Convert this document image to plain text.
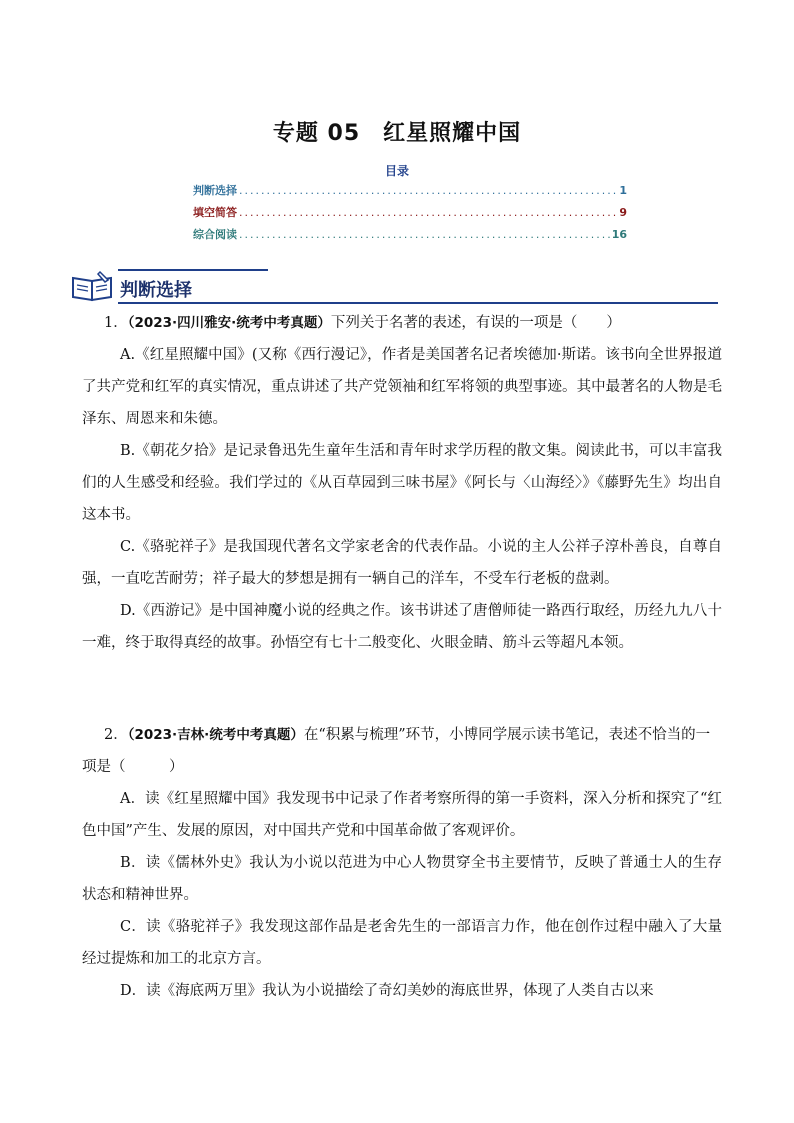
专题 05　红星照耀中国
目录
判断选择 .....	1
填空简答 .....	9
综合阅读 .....	16
判断选择

1．（2023·四川雅安·统考中考真题）下列关于名著的表述，有误的一项是（　　）

A.《红星照耀中国》(又称《西行漫记》，作者是美国著名记者埃德加·斯诺。该书向全世界报道了共产党和红军的真实情况，重点讲述了共产党领袖和红军将领的典型事迹。其中最著名的人物是毛泽东、周恩来和朱德。

B.《朝花夕拾》是记录鲁迅先生童年生活和青年时求学历程的散文集。阅读此书，可以丰富我们的人生感受和经验。我们学过的《从百草园到三味书屋》《阿长与〈山海经〉》《藤野先生》均出自这本书。

C.《骆驼祥子》是我国现代著名文学家老舍的代表作品。小说的主人公祥子淳朴善良，自尊自强，一直吃苦耐劳；祥子最大的梦想是拥有一辆自己的洋车，不受车行老板的盘剥。

D.《西游记》是中国神魔小说的经典之作。该书讲述了唐僧师徒一路西行取经，历经九九八十一难，终于取得真经的故事。孙悟空有七十二般变化、火眼金睛、筋斗云等超凡本领。

2．（2023·吉林·统考中考真题）在“积累与梳理”环节，小博同学展示读书笔记，表述不恰当的一项是（　　　）

A．读《红星照耀中国》我发现书中记录了作者考察所得的第一手资料，深入分析和探究了“红色中国”产生、发展的原因，对中国共产党和中国革命做了客观评价。

B．读《儒林外史》我认为小说以范进为中心人物贯穿全书主要情节，反映了普通士人的生存状态和精神世界。

C．读《骆驼祥子》我发现这部作品是老舍先生的一部语言力作，他在创作过程中融入了大量经过提炼和加工的北京方言。

D．读《海底两万里》我认为小说描绘了奇幻美妙的海底世界，体现了人类自古以来
